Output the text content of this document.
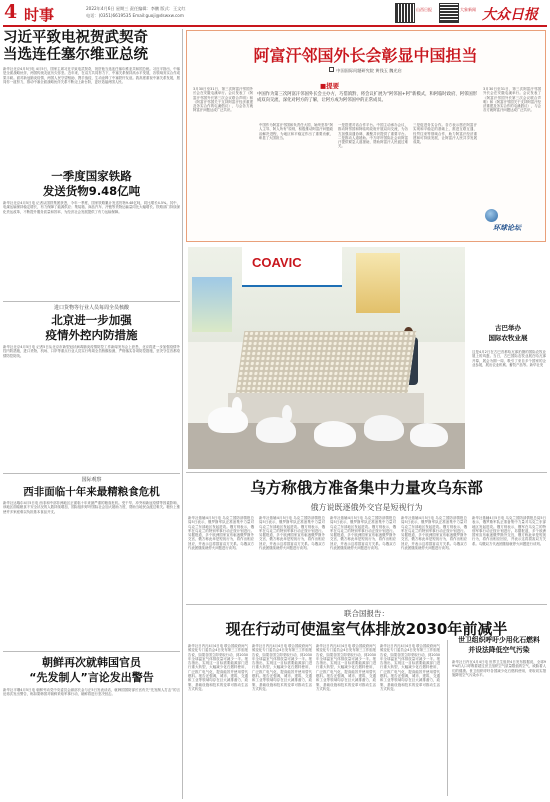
4 时事	2022年4月6日 星期三 责任编辑：李鹏 版式：王文红
电话：(0351)6619535 Email:guoji@dswxw.com
山西日报	大象新闻 大众日报
习近平致电祝贺武契奇
当选连任塞尔维亚总统
新华社北京4月5日电 4月5日，国家主席习近平致电武契奇，祝贺他当选连任塞尔维亚共和国总统。习近平指出，中塞是全面战略伙伴，两国传统友谊历久弥坚。近年来，在双方共同努力下，中塞关系保持高水平发展，各领域务实合作成果丰硕。面对新冠肺炎疫情，两国人民守望相助、携手战疫，生动诠释了中塞铁杆友谊。我高度重视中塞关系发展，愿同你一道努力，推动中塞全面战略伙伴关系不断迈上新台阶，更好造福两国人民。
一季度国家铁路
发送货物9.48亿吨
新华社北京4月5日电 记者从国铁集团获悉，今年一季度，国家铁路累计发送货物9.48亿吨，同比增长4.5%。其中，电煤运输保持稳定增长，有力保障了能源供应；集装箱、商品汽车、冷链等货物运输量同比大幅增长。铁路部门持续深化货运改革，不断提升服务质量和效率，为经济社会发展提供了有力运输保障。
进口货物等行业人员每周全员核酸
北京进一步加强
疫情外控内防措施
新华社北京4月5日电 记者5日从北京市新型冠状病毒肺炎疫情防控工作新闻发布会上获悉，北京将进一步加强疫情外控内防措施，进口货物、机场、口岸等重点行业人员实行每周全员核酸检测，严格落实各项防控措施，坚决守住首都疫情防控防线。
国际观察
西非面临十年来最精粮食危机
新华社达喀尔4月5日电 西非和中部非洲地区正面临十年来最严重的粮食危机。受干旱、冲突和新冠疫情等因素影响，该地区面临粮食不安全状况的人数持续增加，国际组织呼吁国际社会加大援助力度，帮助当地民众渡过难关。粮价上涨使许多家庭难以负担基本食品开支。
朝鲜再次就韩国官员
“先发制人”言论发出警告
新华社平壤4月5日电 朝鲜劳动党中央委员会副部长金与正5日发表谈话，就韩国国防部长官有关“先发制人打击”的言论再次发出警告，称如果韩国对朝鲜采取军事行动，朝鲜将进行坚决回击。
阿富汗邻国外长会彰显中国担当
中国国际问题研究院 黄钱玉 魏光启
■提要
中国作为第三次阿富汗邻国外长会主办方，巧借滇黔、将会议扩展为“阿邻国+阿”新模式，和阿临时政府、阿邻国形成双向交流，深化对阿方的了解，让阿方成为阿邻国中的正常成员。
3月30日至31日，第三次阿富汗邻国外长会在安徽屯溪举行。会议发表了《阿富汗邻国外长第三次会议联合声明》和《阿富汗邻国关于支持阿富汗经济重建及务实合作的屯溪倡议》，与会各方就阿富汗问题达成广泛共识。
中国作为阿富汗邻国和负责任大国，始终坚持“阿人主导、阿人所有”原则，积极推动阿富汗问题政治解决进程，为地区和平稳定作出了重要贡献，彰显了大国担当。
一是搭建对话合作平台。中国主动承办会议，推动阿邻国和阿临时政府开展双向交流，为各方加强沟通协调、凝聚共识提供了重要平台。二是推动人道援助。中方呼吁国际社会向阿富汗提供紧急人道援助，帮助阿富汗人民渡过难关。
三是促进务实合作。各方表示愿在阿富汗实现和平稳定的基础上，推进互联互通、经贸往来等领域合作，助力阿富汗经济重建和可持续发展，让阿富汗人民共享发展成果。
3月30日至31日，第三次阿富汗邻国外长会在安徽屯溪举行。会议发表了《阿富汗邻国外长第三次会议联合声明》和《阿富汗邻国关于支持阿富汗经济重建及务实合作的屯溪倡议》，与会各方就阿富汗问题达成广泛共识。
环球论坛
COAVIC
古巴举办
国际农牧业展
这是4月2日在古巴首都哈瓦那拍摄的国际农牧业展上的鸡蛋。当日，古巴国际农牧业展在哈瓦那开幕，展会为期一周，吸引了来自多个国家的企业参展，展出农业机械、畜牧产品等。新华社发
乌方称俄方准备集中力量攻乌东部
俄方说既逐俄外交官是短视行为
新华社基辅4月5日电 乌克兰国防部情报总局5日表示，俄罗斯军队正准备集中力量对乌克兰东部地区发起进攻。俄方则表示，俄军在乌克兰的特别军事行动正按计划进行。另据报道，多个欧洲国家宣布驱逐俄罗斯外交官，俄方称此举是短视行为，将作出相应回应，并表示这将损害双方关系。乌俄双方代表团继续就停火问题进行谈判。
新华社基辅4月5日电 乌克兰国防部情报总局5日表示，俄罗斯军队正准备集中力量对乌克兰东部地区发起进攻。俄方则表示，俄军在乌克兰的特别军事行动正按计划进行。另据报道，多个欧洲国家宣布驱逐俄罗斯外交官，俄方称此举是短视行为，将作出相应回应，并表示这将损害双方关系。乌俄双方代表团继续就停火问题进行谈判。
新华社基辅4月5日电 乌克兰国防部情报总局5日表示，俄罗斯军队正准备集中力量对乌克兰东部地区发起进攻。俄方则表示，俄军在乌克兰的特别军事行动正按计划进行。另据报道，多个欧洲国家宣布驱逐俄罗斯外交官，俄方称此举是短视行为，将作出相应回应，并表示这将损害双方关系。乌俄双方代表团继续就停火问题进行谈判。
新华社基辅4月5日电 乌克兰国防部情报总局5日表示，俄罗斯军队正准备集中力量对乌克兰东部地区发起进攻。俄方则表示，俄军在乌克兰的特别军事行动正按计划进行。另据报道，多个欧洲国家宣布驱逐俄罗斯外交官，俄方称此举是短视行为，将作出相应回应，并表示这将损害双方关系。乌俄双方代表团继续就停火问题进行谈判。
新华社基辅4月5日电 乌克兰国防部情报总局5日表示，俄罗斯军队正准备集中力量对乌克兰东部地区发起进攻。俄方则表示，俄军在乌克兰的特别军事行动正按计划进行。另据报道，多个欧洲国家宣布驱逐俄罗斯外交官，俄方称此举是短视行为，将作出相应回应，并表示这将损害双方关系。乌俄双方代表团继续就停火问题进行谈判。
联合国报告：
现在行动可使温室气体排放2030年前减半
新华社日内瓦4月4日电 联合国政府间气候变化专门委员会4日发布第三工作组报告说，如果各国立即采取行动，到2030年全球温室气体排放量可减少一半。报告指出，实现这一目标需要能源部门进行重大转型，大幅减少化石燃料使用，广泛推广电气化，提高能效并使用替代燃料。报告还强调，城市、建筑、交通和工业等领域均存在巨大减排潜力，政策、基础设施和技术的变革可推动生活方式转变。
新华社日内瓦4月4日电 联合国政府间气候变化专门委员会4日发布第三工作组报告说，如果各国立即采取行动，到2030年全球温室气体排放量可减少一半。报告指出，实现这一目标需要能源部门进行重大转型，大幅减少化石燃料使用，广泛推广电气化，提高能效并使用替代燃料。报告还强调，城市、建筑、交通和工业等领域均存在巨大减排潜力，政策、基础设施和技术的变革可推动生活方式转变。
新华社日内瓦4月4日电 联合国政府间气候变化专门委员会4日发布第三工作组报告说，如果各国立即采取行动，到2030年全球温室气体排放量可减少一半。报告指出，实现这一目标需要能源部门进行重大转型，大幅减少化石燃料使用，广泛推广电气化，提高能效并使用替代燃料。报告还强调，城市、建筑、交通和工业等领域均存在巨大减排潜力，政策、基础设施和技术的变革可推动生活方式转变。
新华社日内瓦4月4日电 联合国政府间气候变化专门委员会4日发布第三工作组报告说，如果各国立即采取行动，到2030年全球温室气体排放量可减少一半。报告指出，实现这一目标需要能源部门进行重大转型，大幅减少化石燃料使用，广泛推广电气化，提高能效并使用替代燃料。报告还强调，城市、建筑、交通和工业等领域均存在巨大减排潜力，政策、基础设施和技术的变革可推动生活方式转变。
世卫组织呼吁少用化石燃料
并设法降低空气污染
新华社日内瓦4月4日电 世界卫生组织4日发布数据说，全球99%的人口呼吸着超过世卫组织空气质量限值的空气，威胁着人们的健康。世卫组织呼吁各国减少化石燃料使用，采取切实措施降低空气污染水平。
